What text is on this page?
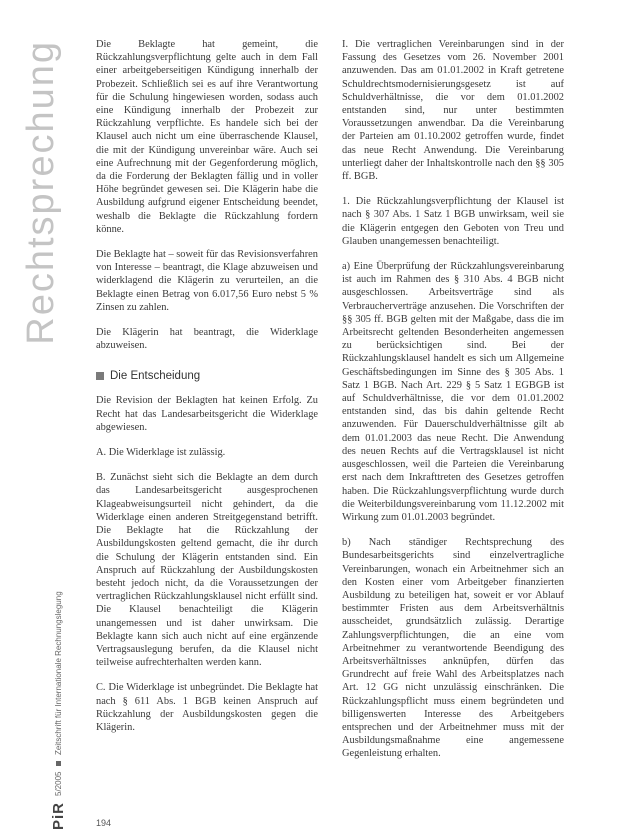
Rechtsprechung
PiR
5/2005
Zeitschrift für Internationale Rechnungslegung

Die Beklagte hat gemeint, die Rückzahlungsverpflichtung gelte auch in dem Fall einer arbeitgeberseitigen Kündigung innerhalb der Probezeit. Schließlich sei es auf ihre Verantwortung für die Schulung hingewiesen worden, sodass auch eine Kündigung innerhalb der Probezeit zur Rückzahlung verpflichte. Es handele sich bei der Klausel auch nicht um eine überraschende Klausel, die mit der Kündigung unvereinbar wäre. Auch sei eine Aufrechnung mit der Gegenforderung möglich, da die Forderung der Beklagten fällig und in voller Höhe begründet gewesen sei. Die Klägerin habe die Ausbildung aufgrund eigener Entscheidung beendet, weshalb die Beklagte die Rückzahlung fordern könne.

Die Beklagte hat – soweit für das Revisionsverfahren von Interesse – beantragt, die Klage abzuweisen und widerklagend die Klägerin zu verurteilen, an die Beklagte einen Betrag von 6.017,56 Euro nebst 5 % Zinsen zu zahlen.

Die Klägerin hat beantragt, die Widerklage abzuweisen.

Die Entscheidung

Die Revision der Beklagten hat keinen Erfolg. Zu Recht hat das Landesarbeitsgericht die Widerklage abgewiesen.

A. Die Widerklage ist zulässig.

B. Zunächst sieht sich die Beklagte an dem durch das Landesarbeitsgericht ausgesprochenen Klageabweisungsurteil nicht gehindert, da die Widerklage einen anderen Streitgegenstand betrifft. Die Beklagte hat die Rückzahlung der Ausbildungskosten geltend gemacht, die ihr durch die Schulung der Klägerin entstanden sind. Ein Anspruch auf Rückzahlung der Ausbildungskosten besteht jedoch nicht, da die Voraussetzungen der vertraglichen Rückzahlungsklausel nicht erfüllt sind. Die Klausel benachteiligt die Klägerin unangemessen und ist daher unwirksam. Die Beklagte kann sich auch nicht auf eine ergänzende Vertragsauslegung berufen, da die Klausel nicht teilweise aufrechterhalten werden kann.

C. Die Widerklage ist unbegründet. Die Beklagte hat nach § 611 Abs. 1 BGB keinen Anspruch auf Rückzahlung der Ausbildungskosten gegen die Klägerin.

I. Die vertraglichen Vereinbarungen sind in der Fassung des Gesetzes vom 26. November 2001 anzuwenden. Das am 01.01.2002 in Kraft getretene Schuldrechtsmodernisierungsgesetz ist auf Schuldverhältnisse, die vor dem 01.01.2002 entstanden sind, nur unter bestimmten Voraussetzungen anwendbar. Da die Vereinbarung der Parteien am 01.10.2002 getroffen wurde, findet das neue Recht Anwendung. Die Vereinbarung unterliegt daher der Inhaltskontrolle nach den §§ 305 ff. BGB.

1. Die Rückzahlungsverpflichtung der Klausel ist nach § 307 Abs. 1 Satz 1 BGB unwirksam, weil sie die Klägerin entgegen den Geboten von Treu und Glauben unangemessen benachteiligt.

a) Eine Überprüfung der Rückzahlungsvereinbarung ist auch im Rahmen des § 310 Abs. 4 BGB nicht ausgeschlossen. Arbeitsverträge sind als Verbraucherverträge anzusehen. Die Vorschriften der §§ 305 ff. BGB gelten mit der Maßgabe, dass die im Arbeitsrecht geltenden Besonderheiten angemessen zu berücksichtigen sind. Bei der Rückzahlungsklausel handelt es sich um Allgemeine Geschäftsbedingungen im Sinne des § 305 Abs. 1 Satz 1 BGB. Nach Art. 229 § 5 Satz 1 EGBGB ist auf Schuldverhältnisse, die vor dem 01.01.2002 entstanden sind, das bis dahin geltende Recht anzuwenden. Für Dauerschuldverhältnisse gilt ab dem 01.01.2003 das neue Recht. Die Anwendung des neuen Rechts auf die Vertragsklausel ist nicht ausgeschlossen, weil die Parteien die Vereinbarung erst nach dem Inkrafttreten des Gesetzes getroffen haben. Die Rückzahlungsverpflichtung wurde durch die Weiterbildungsvereinbarung vom 11.12.2002 mit Wirkung zum 01.01.2003 begründet.

b) Nach ständiger Rechtsprechung des Bundesarbeitsgerichts sind einzelvertragliche Vereinbarungen, wonach ein Arbeitnehmer sich an den Kosten einer vom Arbeitgeber finanzierten Ausbildung zu beteiligen hat, soweit er vor Ablauf bestimmter Fristen aus dem Arbeitsverhältnis ausscheidet, grundsätzlich zulässig. Derartige Zahlungsverpflichtungen, die an eine vom Arbeitnehmer zu verantwortende Beendigung des Arbeitsverhältnisses anknüpfen, dürfen das Grundrecht auf freie Wahl des Arbeitsplatzes nach Art. 12 GG nicht unzulässig einschränken. Die Rückzahlungspflicht muss einem begründeten und billigenswerten Interesse des Arbeitgebers entsprechen und der Arbeitnehmer muss mit der Ausbildungsmaßnahme eine angemessene Gegenleistung erhalten.

194
